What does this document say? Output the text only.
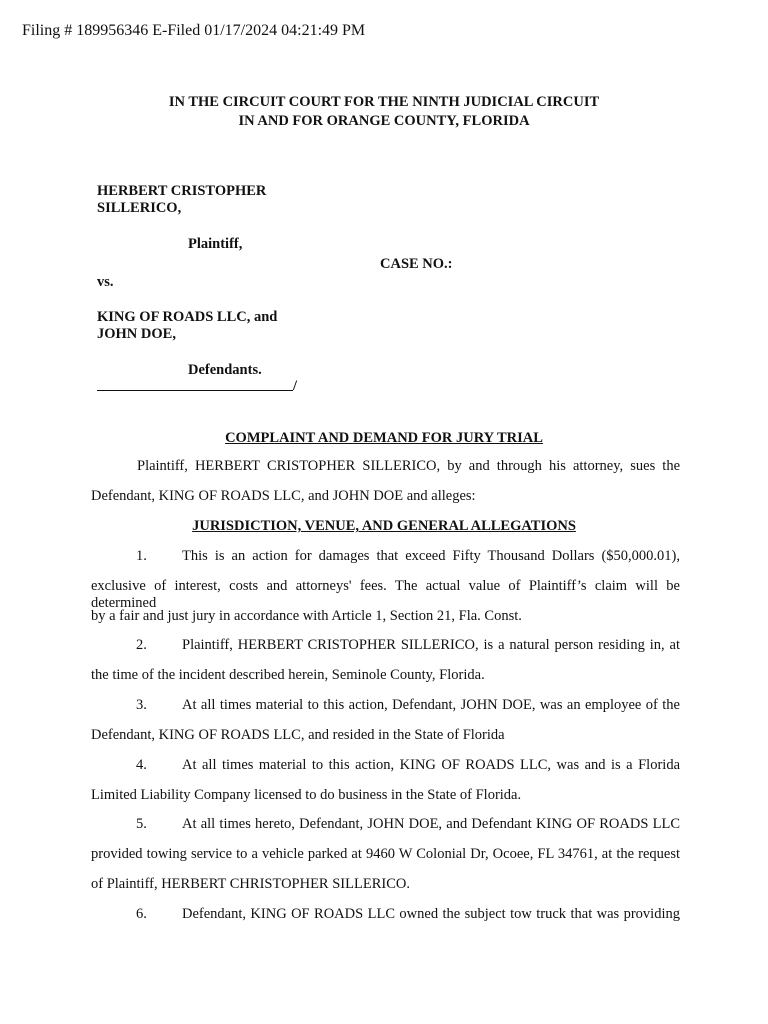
Filing # 189956346 E-Filed 01/17/2024 04:21:49 PM
IN THE CIRCUIT COURT FOR THE NINTH JUDICIAL CIRCUIT
IN AND FOR ORANGE COUNTY, FLORIDA
HERBERT CRISTOPHER
SILLERICO,
Plaintiff,
CASE NO.:
vs.
KING OF ROADS LLC, and
JOHN DOE,
Defendants.
/
COMPLAINT AND DEMAND FOR JURY TRIAL
Plaintiff, HERBERT CRISTOPHER SILLERICO, by and through his attorney, sues the
Defendant, KING OF ROADS LLC, and JOHN DOE and alleges:
JURISDICTION, VENUE, AND GENERAL ALLEGATIONS
1. This is an action for damages that exceed Fifty Thousand Dollars ($50,000.01),
exclusive of interest, costs and attorneys' fees. The actual value of Plaintiff’s claim will be determined
by a fair and just jury in accordance with Article 1, Section 21, Fla. Const.
2. Plaintiff, HERBERT CRISTOPHER SILLERICO, is a natural person residing in, at
the time of the incident described herein, Seminole County, Florida.
3. At all times material to this action, Defendant, JOHN DOE, was an employee of the
Defendant, KING OF ROADS LLC, and resided in the State of Florida
4. At all times material to this action, KING OF ROADS LLC, was and is a Florida
Limited Liability Company licensed to do business in the State of Florida.
5. At all times hereto, Defendant, JOHN DOE, and Defendant KING OF ROADS LLC
provided towing service to a vehicle parked at 9460 W Colonial Dr, Ocoee, FL 34761, at the request
of Plaintiff, HERBERT CHRISTOPHER SILLERICO.
6. Defendant, KING OF ROADS LLC owned the subject tow truck that was providing
